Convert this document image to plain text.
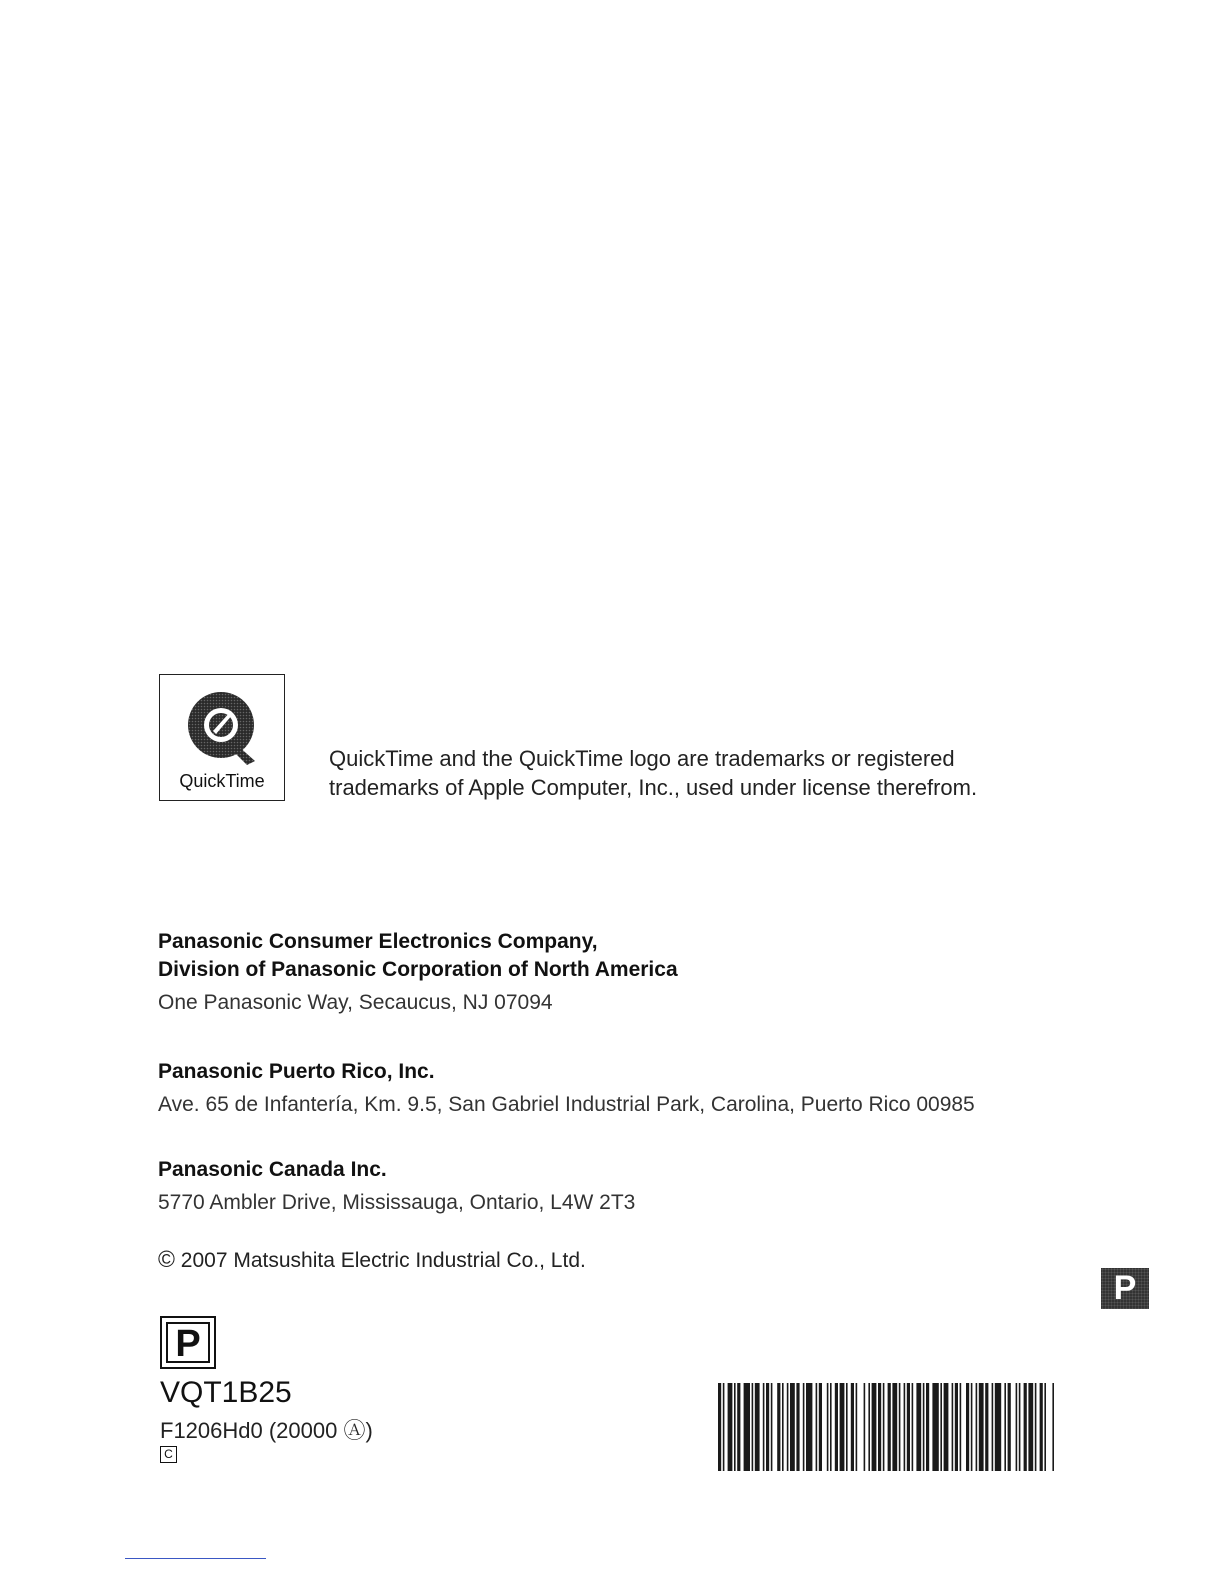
QuickTime
QuickTime and the QuickTime logo are trademarks or registered
trademarks of Apple Computer, Inc., used under license therefrom.
Panasonic Consumer Electronics Company,
Division of Panasonic Corporation of North America
One Panasonic Way, Secaucus, NJ 07094
Panasonic Puerto Rico, Inc.
Ave. 65 de Infantería, Km. 9.5, San Gabriel Industrial Park, Carolina, Puerto Rico 00985
Panasonic Canada Inc.
5770 Ambler Drive, Mississauga, Ontario, L4W 2T3
© 2007 Matsushita Electric Industrial Co., Ltd.
P
P
VQT1B25
F1206Hd0 (20000 Ⓐ)
C
